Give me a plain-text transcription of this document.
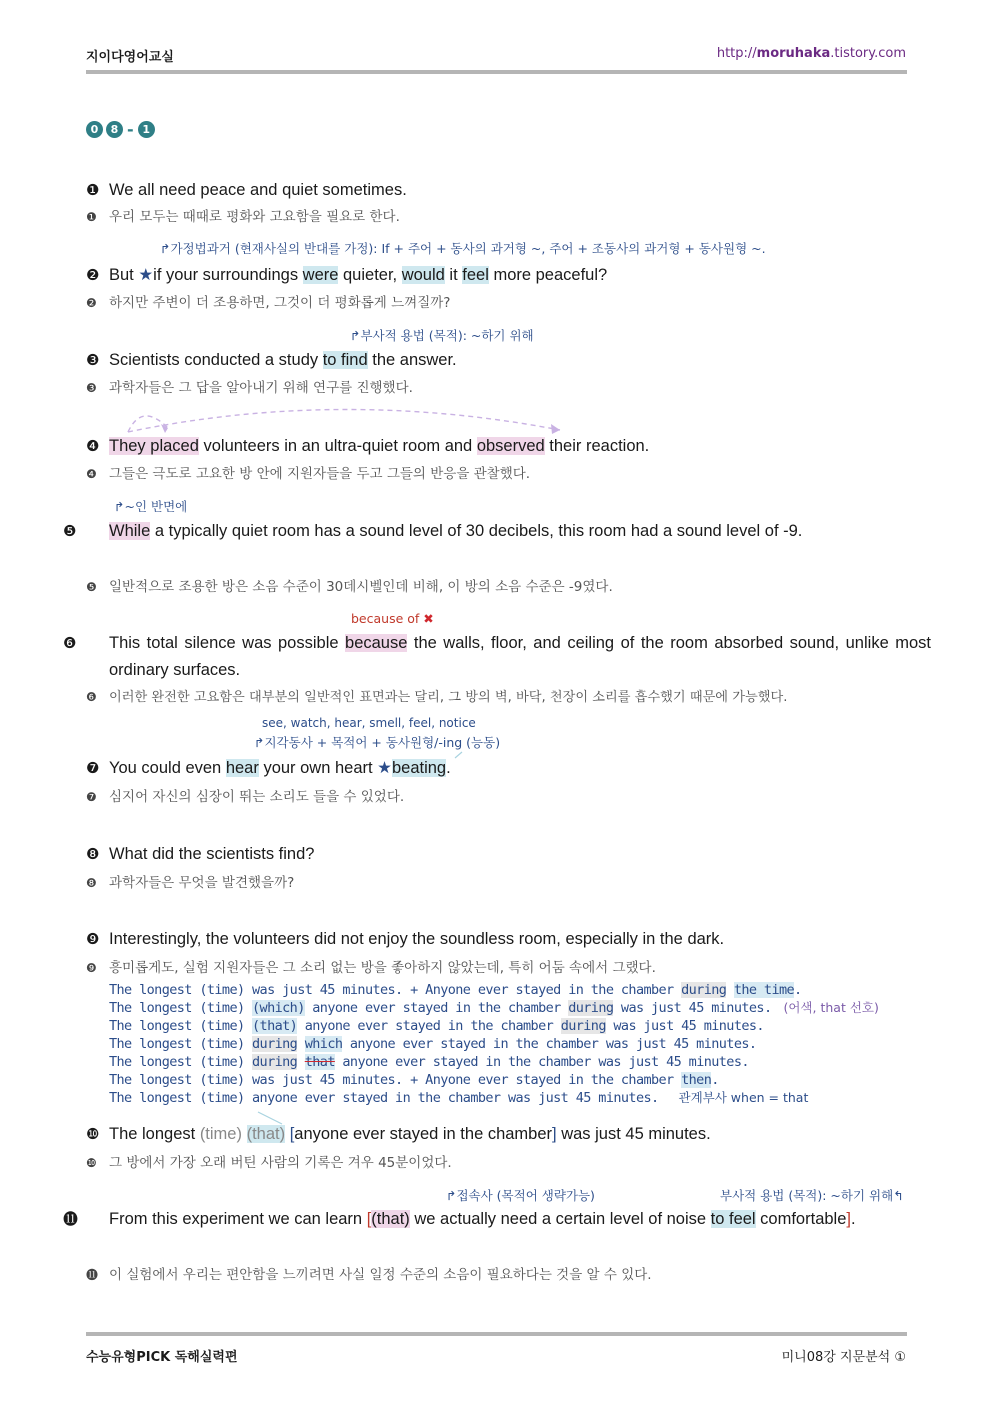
지이다영어교실	http://moruhaka.tistory.com
0	8 - 1
❶ We all need peace and quiet sometimes.
❶ 우리 모두는 때때로 평화와 고요함을 필요로 한다.
↱가정법과거 (현재사실의 반대를 가정): If + 주어 + 동사의 과거형 ~, 주어 + 조동사의 과거형 + 동사원형 ~.
❷ But ★if your surroundings were quieter, would it feel more peaceful?
❷ 하지만 주변이 더 조용하면, 그것이 더 평화롭게 느껴질까?
↱부사적 용법 (목적): ~하기 위해
❸ Scientists conducted a study to find the answer.
❸ 과학자들은 그 답을 알아내기 위해 연구를 진행했다.
❹ They placed volunteers in an ultra-quiet room and observed their reaction.
❹ 그들은 극도로 고요한 방 안에 지원자들을 두고 그들의 반응을 관찰했다.
↱~인 반면에
❺ While a typically quiet room has a sound level of 30 decibels, this room had a sound level of -9.
❺ 일반적으로 조용한 방은 소음 수준이 30데시벨인데 비해, 이 방의 소음 수준은 -9였다.
because of ✖
❻ This total silence was possible because the walls, floor, and ceiling of the room absorbed sound, unlike most ordinary surfaces.
❻ 이러한 완전한 고요함은 대부분의 일반적인 표면과는 달리, 그 방의 벽, 바닥, 천장이 소리를 흡수했기 때문에 가능했다.
see, watch, hear, smell, feel, notice
↱지각동사 + 목적어 + 동사원형/-ing (능동)
❼ You could even hear your own heart ★beating.
❼ 심지어 자신의 심장이 뛰는 소리도 들을 수 있었다.
❽ What did the scientists find?
❽ 과학자들은 무엇을 발견했을까?
❾ Interestingly, the volunteers did not enjoy the soundless room, especially in the dark.
❾ 흥미롭게도, 실험 지원자들은 그 소리 없는 방을 좋아하지 않았는데, 특히 어둠 속에서 그랬다.
The longest (time) was just 45 minutes. + Anyone ever stayed in the chamber during the time.
The longest (time) (which) anyone ever stayed in the chamber during was just 45 minutes. (어색, that 선호)
The longest (time) (that) anyone ever stayed in the chamber during was just 45 minutes.
The longest (time) during which anyone ever stayed in the chamber was just 45 minutes.
The longest (time) during that anyone ever stayed in the chamber was just 45 minutes.
The longest (time) was just 45 minutes. + Anyone ever stayed in the chamber then.
The longest (time) anyone ever stayed in the chamber was just 45 minutes. 관계부사 when = that
❿ The longest (time) (that) [anyone ever stayed in the chamber] was just 45 minutes.
❿ 그 방에서 가장 오래 버틴 사람의 기록은 겨우 45분이었다.
↱접속사 (목적어 생략가능)	부사적 용법 (목적): ~하기 위해↰
⓫ From this experiment we can learn [(that) we actually need a certain level of noise to feel comfortable].
⓫ 이 실험에서 우리는 편안함을 느끼려면 사실 일정 수준의 소음이 필요하다는 것을 알 수 있다.
수능유형PICK 독해실력편	미니08강 지문분석 ①
